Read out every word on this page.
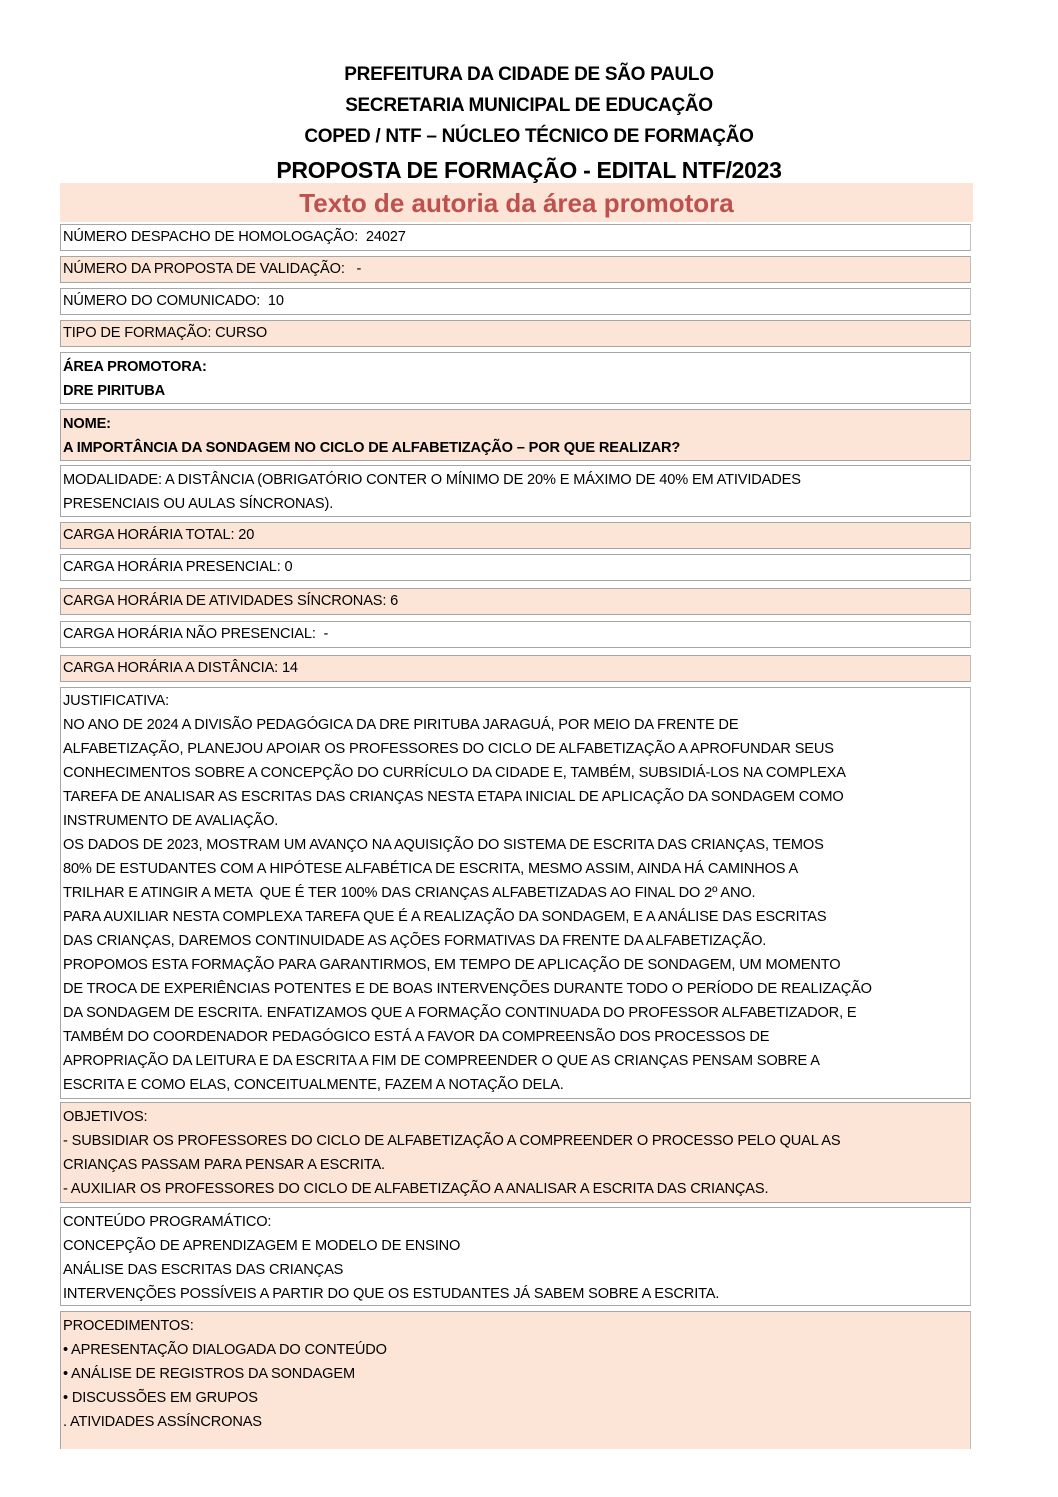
PREFEITURA DA CIDADE DE SÃO PAULO
SECRETARIA MUNICIPAL DE EDUCAÇÃO
COPED / NTF – NÚCLEO TÉCNICO DE FORMAÇÃO
PROPOSTA DE FORMAÇÃO - EDITAL NTF/2023
Texto de autoria da área promotora
NÚMERO DESPACHO DE HOMOLOGAÇÃO:  24027
NÚMERO DA PROPOSTA DE VALIDAÇÃO:   -
NÚMERO DO COMUNICADO:  10
TIPO DE FORMAÇÃO: CURSO
ÁREA PROMOTORA:
DRE PIRITUBA
NOME:
A IMPORTÂNCIA DA SONDAGEM NO CICLO DE ALFABETIZAÇÃO – POR QUE REALIZAR?
MODALIDADE: A DISTÂNCIA (OBRIGATÓRIO CONTER O MÍNIMO DE 20% E MÁXIMO DE 40% EM ATIVIDADES
PRESENCIAIS OU AULAS SÍNCRONAS).
CARGA HORÁRIA TOTAL: 20
CARGA HORÁRIA PRESENCIAL: 0
CARGA HORÁRIA DE ATIVIDADES SÍNCRONAS: 6
CARGA HORÁRIA NÃO PRESENCIAL:  -
CARGA HORÁRIA A DISTÂNCIA: 14
JUSTIFICATIVA:
NO ANO DE 2024 A DIVISÃO PEDAGÓGICA DA DRE PIRITUBA JARAGUÁ, POR MEIO DA FRENTE DE
ALFABETIZAÇÃO, PLANEJOU APOIAR OS PROFESSORES DO CICLO DE ALFABETIZAÇÃO A APROFUNDAR SEUS
CONHECIMENTOS SOBRE A CONCEPÇÃO DO CURRÍCULO DA CIDADE E, TAMBÉM, SUBSIDIÁ-LOS NA COMPLEXA
TAREFA DE ANALISAR AS ESCRITAS DAS CRIANÇAS NESTA ETAPA INICIAL DE APLICAÇÃO DA SONDAGEM COMO
INSTRUMENTO DE AVALIAÇÃO.
OS DADOS DE 2023, MOSTRAM UM AVANÇO NA AQUISIÇÃO DO SISTEMA DE ESCRITA DAS CRIANÇAS, TEMOS
80% DE ESTUDANTES COM A HIPÓTESE ALFABÉTICA DE ESCRITA, MESMO ASSIM, AINDA HÁ CAMINHOS A
TRILHAR E ATINGIR A META  QUE É TER 100% DAS CRIANÇAS ALFABETIZADAS AO FINAL DO 2º ANO.
PARA AUXILIAR NESTA COMPLEXA TAREFA QUE É A REALIZAÇÃO DA SONDAGEM, E A ANÁLISE DAS ESCRITAS
DAS CRIANÇAS, DAREMOS CONTINUIDADE AS AÇÕES FORMATIVAS DA FRENTE DA ALFABETIZAÇÃO.
PROPOMOS ESTA FORMAÇÃO PARA GARANTIRMOS, EM TEMPO DE APLICAÇÃO DE SONDAGEM, UM MOMENTO
DE TROCA DE EXPERIÊNCIAS POTENTES E DE BOAS INTERVENÇÕES DURANTE TODO O PERÍODO DE REALIZAÇÃO
DA SONDAGEM DE ESCRITA. ENFATIZAMOS QUE A FORMAÇÃO CONTINUADA DO PROFESSOR ALFABETIZADOR, E
TAMBÉM DO COORDENADOR PEDAGÓGICO ESTÁ A FAVOR DA COMPREENSÃO DOS PROCESSOS DE
APROPRIAÇÃO DA LEITURA E DA ESCRITA A FIM DE COMPREENDER O QUE AS CRIANÇAS PENSAM SOBRE A
ESCRITA E COMO ELAS, CONCEITUALMENTE, FAZEM A NOTAÇÃO DELA.
OBJETIVOS:
- SUBSIDIAR OS PROFESSORES DO CICLO DE ALFABETIZAÇÃO A COMPREENDER O PROCESSO PELO QUAL AS
CRIANÇAS PASSAM PARA PENSAR A ESCRITA.
- AUXILIAR OS PROFESSORES DO CICLO DE ALFABETIZAÇÃO A ANALISAR A ESCRITA DAS CRIANÇAS.
CONTEÚDO PROGRAMÁTICO:
CONCEPÇÃO DE APRENDIZAGEM E MODELO DE ENSINO
ANÁLISE DAS ESCRITAS DAS CRIANÇAS
INTERVENÇÕES POSSÍVEIS A PARTIR DO QUE OS ESTUDANTES JÁ SABEM SOBRE A ESCRITA.
PROCEDIMENTOS:
• APRESENTAÇÃO DIALOGADA DO CONTEÚDO
• ANÁLISE DE REGISTROS DA SONDAGEM
• DISCUSSÕES EM GRUPOS
. ATIVIDADES ASSÍNCRONAS
